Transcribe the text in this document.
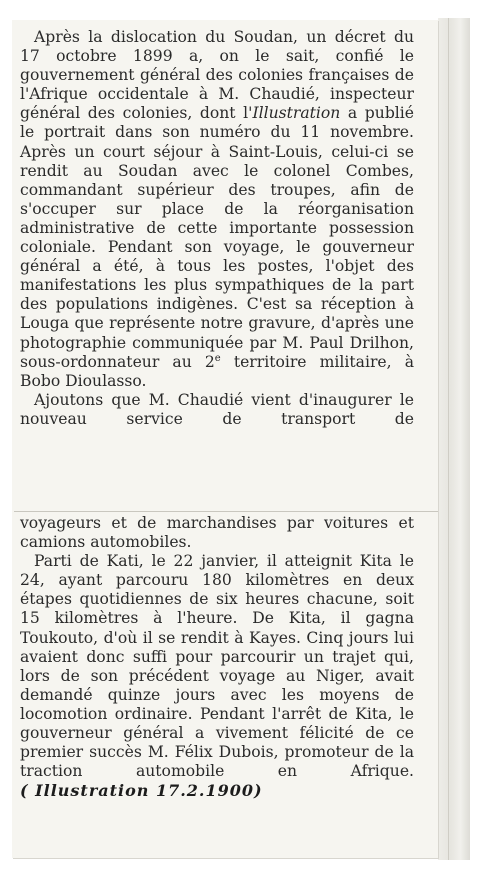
Après la dislocation du Soudan, un décret du 17 octobre 1899 a, on le sait, confié le gouvernement général des colonies françaises de l'Afrique occidentale à M. Chaudié, inspecteur général des colonies, dont l'Illustration a publié le portrait dans son numéro du 11 novembre. Après un court séjour à Saint-Louis, celui-ci se rendit au Soudan avec le colonel Combes, commandant supérieur des troupes, afin de s'occuper sur place de la réorganisation administrative de cette importante possession coloniale. Pendant son voyage, le gouverneur général a été, à tous les postes, l'objet des manifestations les plus sympathiques de la part des populations indigènes. C'est sa réception à Louga que représente notre gravure, d'après une photographie communiquée par M. Paul Drilhon, sous-ordonnateur au 2e territoire militaire, à Bobo Dioulasso.

Ajoutons que M. Chaudié vient d'inaugurer le nouveau service de transport de

voyageurs et de marchandises par voitures et camions automobiles.

Parti de Kati, le 22 janvier, il atteignit Kita le 24, ayant parcouru 180 kilomètres en deux étapes quotidiennes de six heures chacune, soit 15 kilomètres à l'heure. De Kita, il gagna Toukouto, d'où il se rendit à Kayes. Cinq jours lui avaient donc suffi pour parcourir un trajet qui, lors de son précédent voyage au Niger, avait demandé quinze jours avec les moyens de locomotion ordinaire. Pendant l'arrêt de Kita, le gouverneur général a vivement félicité de ce premier succès M. Félix Dubois, promoteur de la traction automobile en Afrique. ( Illustration 17.2.1900)
